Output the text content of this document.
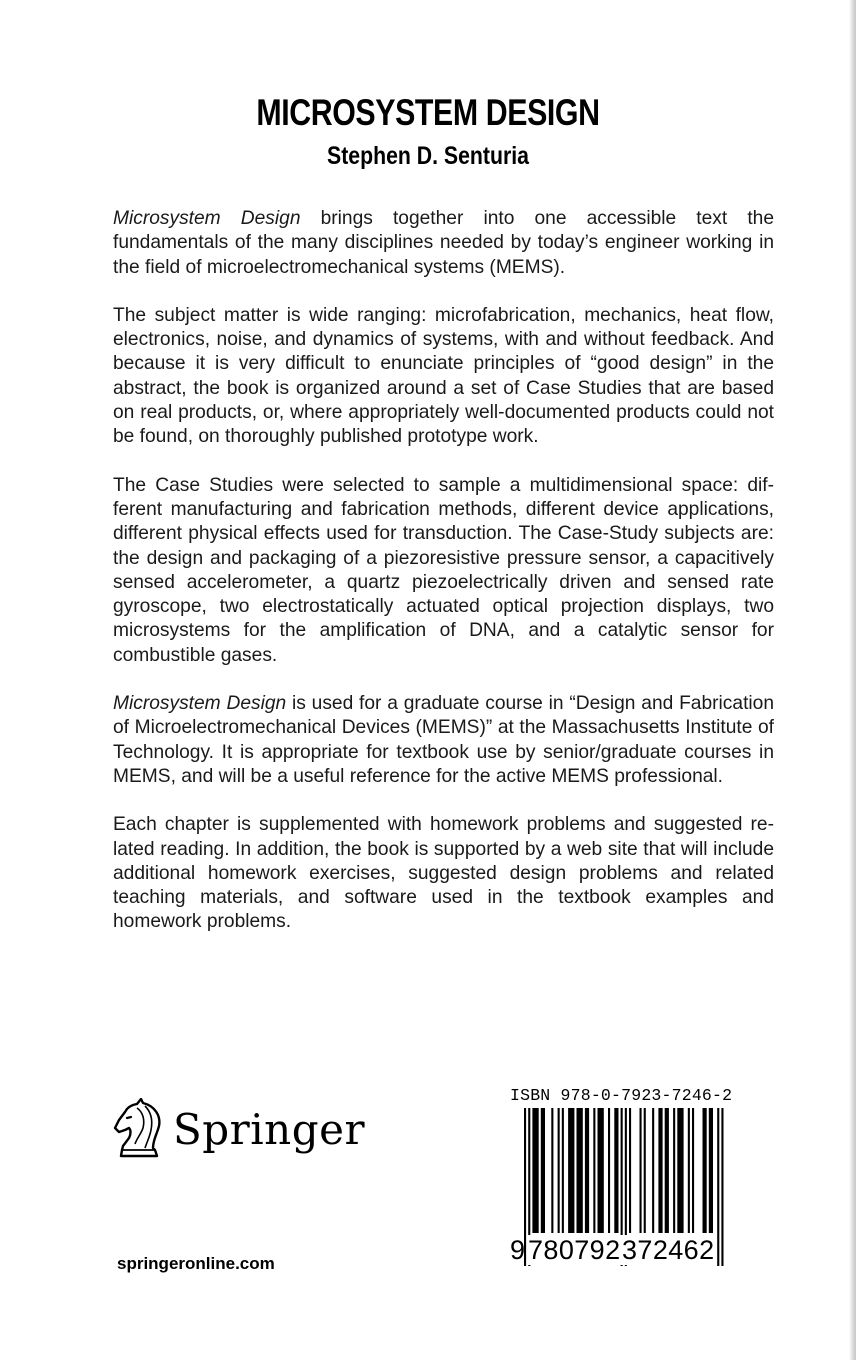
MICROSYSTEM DESIGN
Stephen D. Senturia

Microsystem Design brings together into one accessible text the fundamentals of the many disciplines needed by today’s engineer working in the field of microelectromechanical systems (MEMS).

The subject matter is wide ranging: microfabrication, mechanics, heat flow, electronics, noise, and dynamics of systems, with and without feedback. And because it is very difficult to enunciate principles of “good design” in the abstract, the book is organized around a set of Case Studies that are based on real products, or, where appropriately well-documented products could not be found, on thoroughly published prototype work.

The Case Studies were selected to sample a multidimensional space: different manufacturing and fabrication methods, different device applications, different physical effects used for transduction. The Case-Study subjects are: the design and packaging of a piezoresistive pressure sensor, a capacitively sensed accelerometer, a quartz piezoelectrically driven and sensed rate gyroscope, two electrostatically actuated optical projection displays, two microsystems for the amplification of DNA, and a catalytic sensor for combustible gases.

Microsystem Design is used for a graduate course in “Design and Fabrication of Microelectromechanical Devices (MEMS)” at the Massachusetts Institute of Technology. It is appropriate for textbook use by senior/graduate courses in MEMS, and will be a useful reference for the active MEMS professional.

Each chapter is supplemented with homework problems and suggested related reading. In addition, the book is supported by a web site that will include additional homework exercises, suggested design problems and related teaching materials, and software used in the textbook examples and homework problems.

Springer
springeronline.com
ISBN 978-0-7923-7246-2
9 780792 372462
